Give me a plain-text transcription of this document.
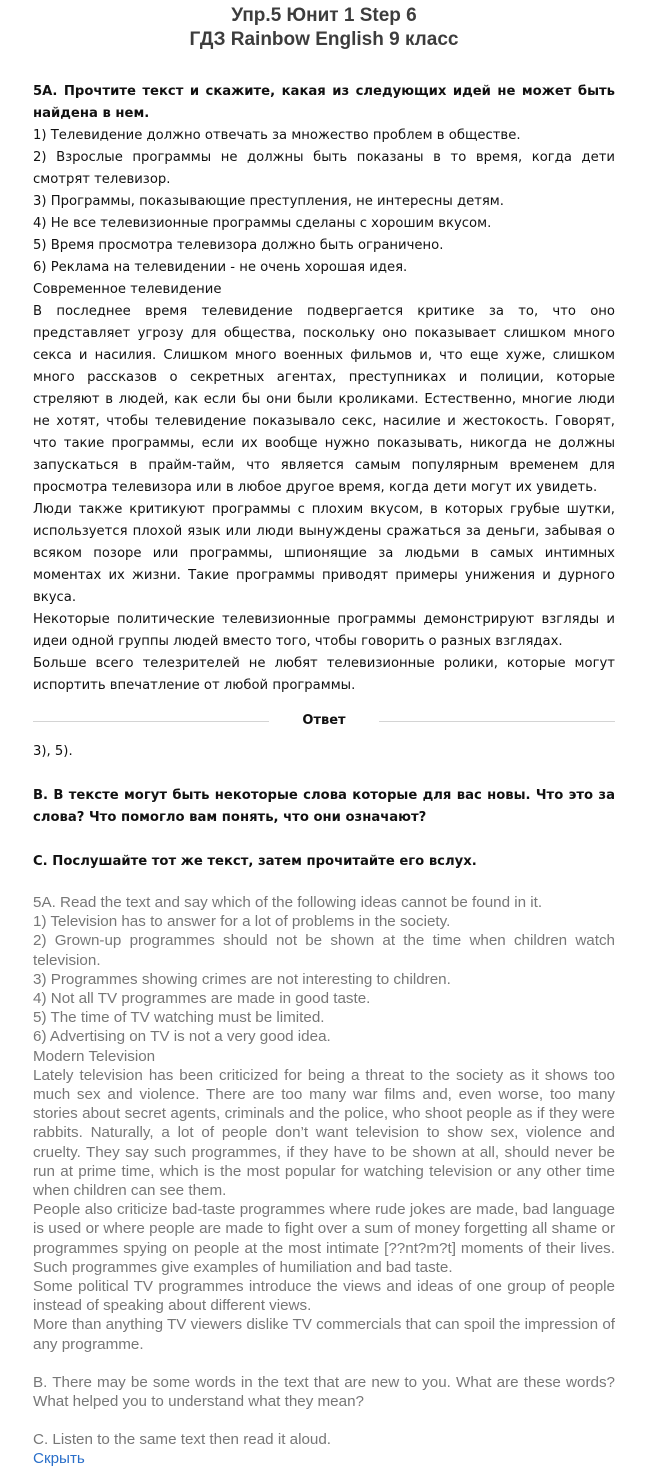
Упр.5 Юнит 1 Step 6
ГДЗ Rainbow English 9 класс

5А. Прочтите текст и скажите, какая из следующих идей не может быть найдена в нем.

1) Телевидение должно отвечать за множество проблем в обществе.

2) Взрослые программы не должны быть показаны в то время, когда дети смотрят телевизор.

3) Программы, показывающие преступления, не интересны детям.

4) Не все телевизионные программы сделаны с хорошим вкусом.

5) Время просмотра телевизора должно быть ограничено.

6) Реклама на телевидении - не очень хорошая идея.

Современное телевидение

В последнее время телевидение подвергается критике за то, что оно представляет угрозу для общества, поскольку оно показывает слишком много секса и насилия. Слишком много военных фильмов и, что еще хуже, слишком много рассказов о секретных агентах, преступниках и полиции, которые стреляют в людей, как если бы они были кроликами. Естественно, многие люди не хотят, чтобы телевидение показывало секс, насилие и жестокость. Говорят, что такие программы, если их вообще нужно показывать, никогда не должны запускаться в прайм-тайм, что является самым популярным временем для просмотра телевизора или в любое другое время, когда дети могут их увидеть.

Люди также критикуют программы с плохим вкусом, в которых грубые шутки, используется плохой язык или люди вынуждены сражаться за деньги, забывая о всяком позоре или программы, шпионящие за людьми в самых интимных моментах их жизни. Такие программы приводят примеры унижения и дурного вкуса.

Некоторые политические телевизионные программы демонстрируют взгляды и идеи одной группы людей вместо того, чтобы говорить о разных взглядах.

Больше всего телезрителей не любят телевизионные ролики, которые могут испортить впечатление от любой программы.

Ответ

3), 5).

B. В тексте могут быть некоторые слова которые для вас новы. Что это за слова? Что помогло вам понять, что они означают?

C. Послушайте тот же текст, затем прочитайте его вслух.

5A. Read the text and say which of the following ideas cannot be found in it.

1) Television has to answer for a lot of problems in the society.

2) Grown-up programmes should not be shown at the time when children watch television.

3) Programmes showing crimes are not interesting to children.

4) Not all TV programmes are made in good taste.

5) The time of TV watching must be limited.

6) Advertising on TV is not a very good idea.

Modern Television

Lately television has been criticized for being a threat to the society as it shows too much sex and violence. There are too many war films and, even worse, too many stories about secret agents, criminals and the police, who shoot people as if they were rabbits. Naturally, a lot of people don’t want television to show sex, violence and cruelty. They say such programmes, if they have to be shown at all, should never be run at prime time, which is the most popular for watching television or any other time when children can see them.

People also criticize bad-taste programmes where rude jokes are made, bad language is used or where people are made to fight over a sum of money forgetting all shame or programmes spying on people at the most intimate [??nt?m?t] moments of their lives. Such programmes give examples of humiliation and bad taste.

Some political TV programmes introduce the views and ideas of one group of people instead of speaking about different views.

More than anything TV viewers dislike TV commercials that can spoil the impression of any programme.

B. There may be some words in the text that are new to you. What are these words? What helped you to understand what they mean?

C. Listen to the same text then read it aloud.

Скрыть
